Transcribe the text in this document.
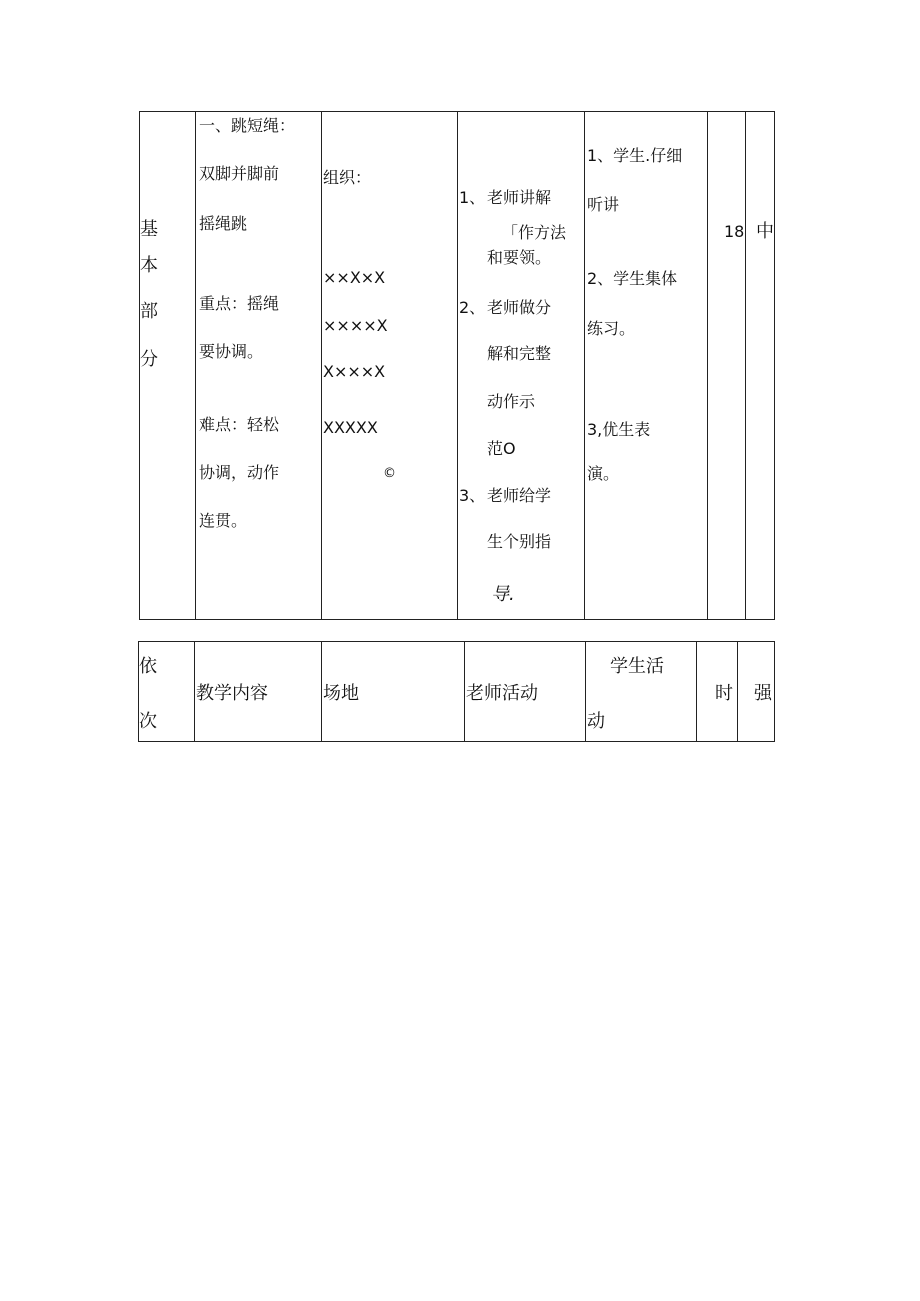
基
本
部
分
一、跳短绳：
双脚并脚前
摇绳跳
重点：摇绳
要协调。
难点：轻松
协调，动作
连贯。
组织：
××X×X
××××X
X×××X
XXXXX
©
1、 老师讲解
「作方法
和要领。
2、 老师做分
解和完整
动作示
范O
3、 老师给学
生个别指
导.
1、学生.仔细
听讲
2、学生集体
练习。
3,优生表
演。
18 中
依
次
教学内容	场地	老师活动
学生活
动
时 强
